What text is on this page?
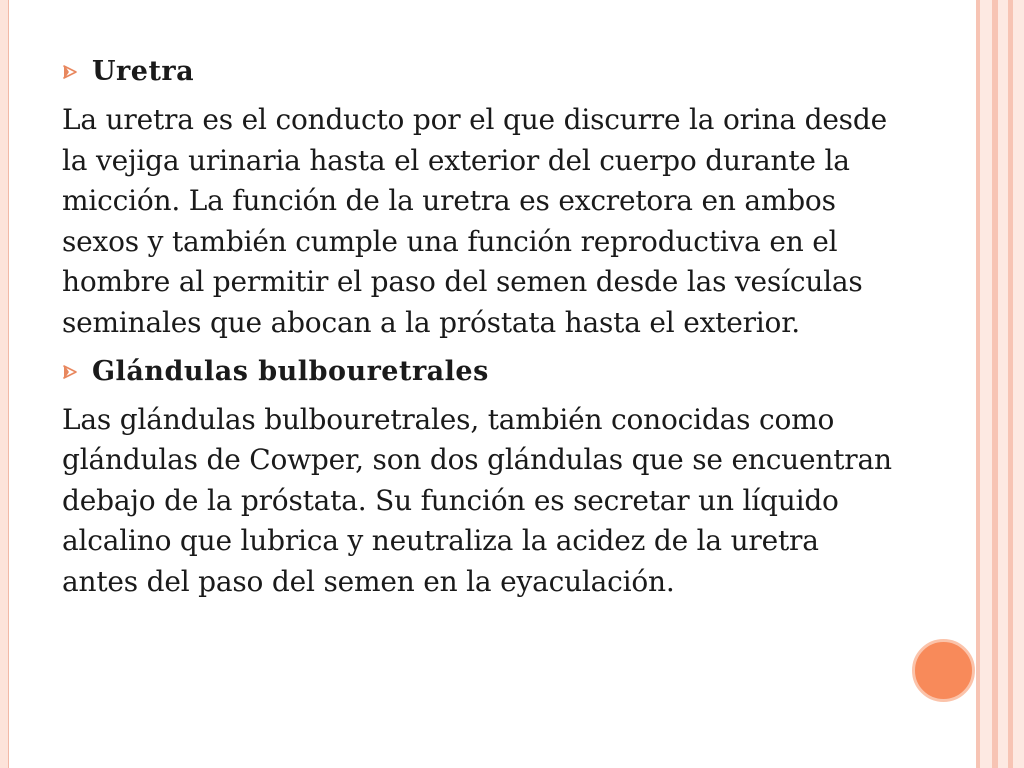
Uretra

La uretra es el conducto por el que discurre la orina desde la vejiga urinaria hasta el exterior del cuerpo durante la micción. La función de la uretra es excretora en ambos sexos y también cumple una función reproductiva en el hombre al permitir el paso del semen desde las vesículas seminales que abocan a la próstata hasta el exterior.

Glándulas bulbouretrales

Las glándulas bulbouretrales, también conocidas como glándulas de Cowper, son dos glándulas que se encuentran debajo de la próstata. Su función es secretar un líquido alcalino que lubrica y neutraliza la acidez de la uretra antes del paso del semen en la eyaculación.
